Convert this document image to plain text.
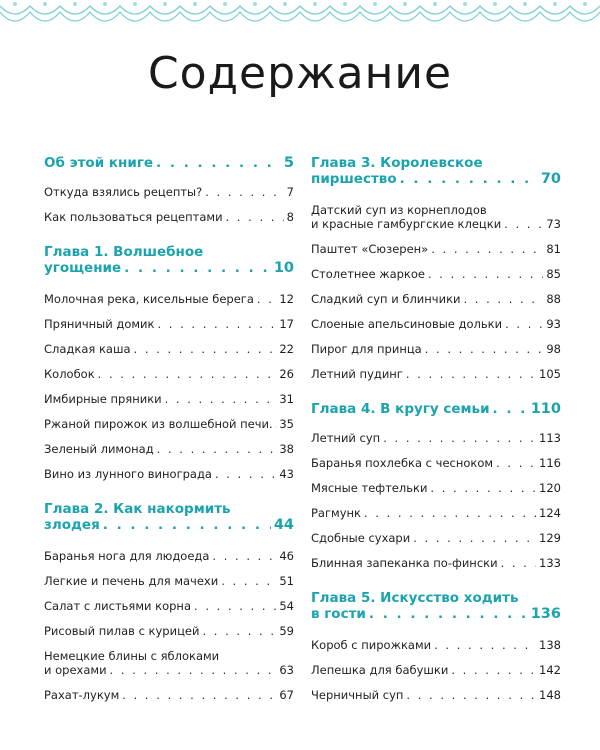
Содержание
Об этой книге . . .	5
Откуда взялись рецепты? . . .	7
Как пользоваться рецептами . . .	8
Глава 1. Волшебное
угощение . . .	10
Молочная река, кисельные берега . . . 12
Пряничный домик . . .	17
Сладкая каша . . .	22
Колобок . . .	26
Имбирные пряники . . .	31
Ржаной пирожок из волшебной печи. . . . 35
Зеленый лимонад . . .	38
Вино из лунного винограда . . .	43
Глава 2. Как накормить
злодея . . .	44
Баранья нога для людоеда . . .	46
Легкие и печень для мачехи . . .	51
Салат с листьями корна . . .	54
Рисовый пилав с курицей . . .	59
Немецкие блины с яблоками
и орехами . . .	63
Рахат-лукум . . .	67
Глава 3. Королевское
пиршество . . .	70
Датский суп из корнеплодов
и красные гамбургские клецки . . .	73
Паштет «Сюзерен» . . .	81
Столетнее жаркое . . .	85
Сладкий суп и блинчики . . .	88
Слоеные апельсиновые дольки . . .	93
Пирог для принца . . .	98
Летний пудинг . . .	105
Глава 4. В кругу семьи . . .	110
Летний суп . . .	113
Баранья похлебка с чесноком . . .	116
Мясные тефтельки . . .	120
Рагмунк . . .	124
Сдобные сухари . . .	129
Блинная запеканка по-фински . . .	133
Глава 5. Искусство ходить
в гости . . .	136
Короб с пирожками . . .	138
Лепешка для бабушки . . .	142
Черничный суп . . .	148
